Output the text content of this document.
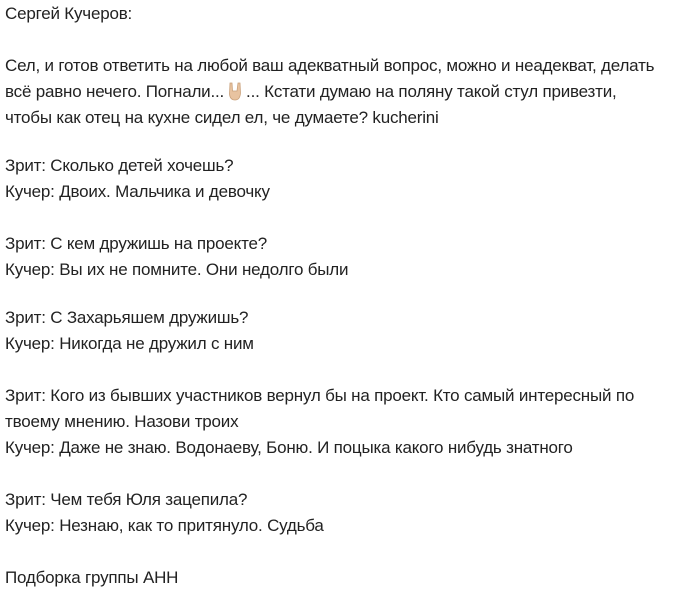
Сергей Кучеров:
Сел, и готов ответить на любой ваш адекватный вопрос, можно и неадекват, делать
всё равно нечего. Погнали... ... Кстати думаю на поляну такой стул привезти,
чтобы как отец на кухне сидел ел, че думаете? kucherini
Зрит: Сколько детей хочешь?
Кучер: Двоих. Мальчика и девочку
Зрит: С кем дружишь на проекте?
Кучер: Вы их не помните. Они недолго были
Зрит: С Захарьяшем дружишь?
Кучер: Никогда не дружил с ним
Зрит: Кого из бывших участников вернул бы на проект. Кто самый интересный по
твоему мнению. Назови троих
Кучер: Даже не знаю. Водонаеву, Боню. И поцыка какого нибудь знатного
Зрит: Чем тебя Юля зацепила?
Кучер: Незнаю, как то притянуло. Судьба
Подборка группы АНН
